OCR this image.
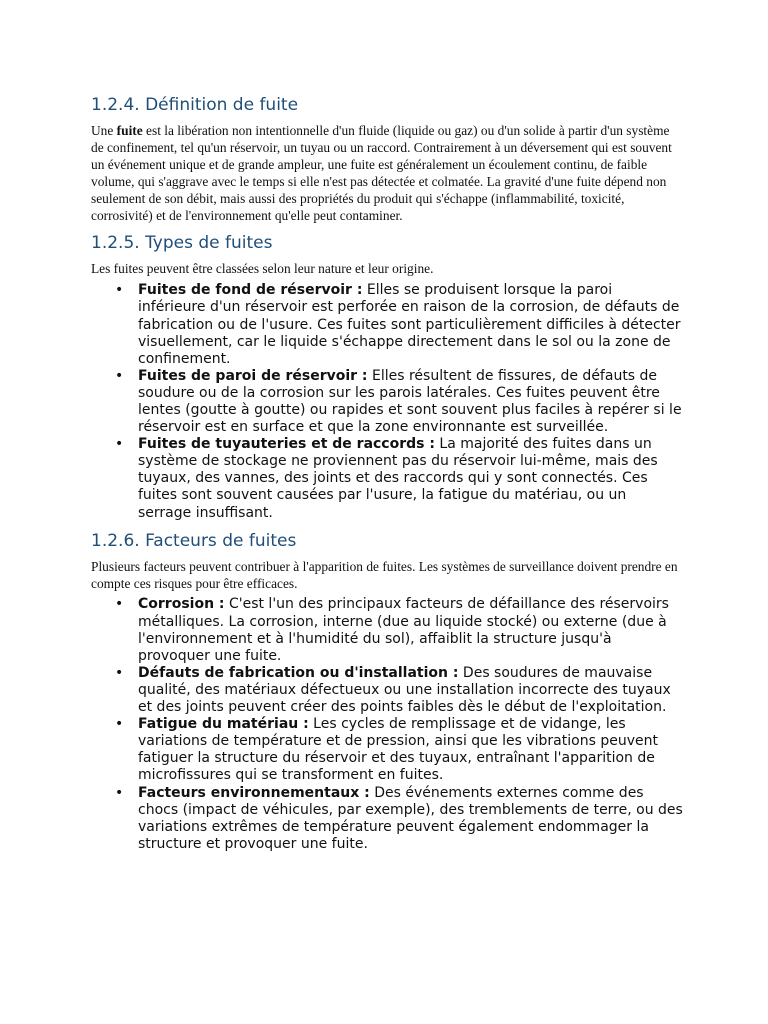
1.2.4. Définition de fuite

Une fuite est la libération non intentionnelle d'un fluide (liquide ou gaz) ou d'un solide à partir d'un système de confinement, tel qu'un réservoir, un tuyau ou un raccord. Contrairement à un déversement qui est souvent un événement unique et de grande ampleur, une fuite est généralement un écoulement continu, de faible volume, qui s'aggrave avec le temps si elle n'est pas détectée et colmatée. La gravité d'une fuite dépend non seulement de son débit, mais aussi des propriétés du produit qui s'échappe (inflammabilité, toxicité, corrosivité) et de l'environnement qu'elle peut contaminer.

1.2.5. Types de fuites

Les fuites peuvent être classées selon leur nature et leur origine.

• Fuites de fond de réservoir : Elles se produisent lorsque la paroi inférieure d'un réservoir est perforée en raison de la corrosion, de défauts de fabrication ou de l'usure. Ces fuites sont particulièrement difficiles à détecter visuellement, car le liquide s'échappe directement dans le sol ou la zone de confinement.
• Fuites de paroi de réservoir : Elles résultent de fissures, de défauts de soudure ou de la corrosion sur les parois latérales. Ces fuites peuvent être lentes (goutte à goutte) ou rapides et sont souvent plus faciles à repérer si le réservoir est en surface et que la zone environnante est surveillée.
• Fuites de tuyauteries et de raccords : La majorité des fuites dans un système de stockage ne proviennent pas du réservoir lui-même, mais des tuyaux, des vannes, des joints et des raccords qui y sont connectés. Ces fuites sont souvent causées par l'usure, la fatigue du matériau, ou un serrage insuffisant.
1.2.6. Facteurs de fuites

Plusieurs facteurs peuvent contribuer à l'apparition de fuites. Les systèmes de surveillance doivent prendre en compte ces risques pour être efficaces.

• Corrosion : C'est l'un des principaux facteurs de défaillance des réservoirs métalliques. La corrosion, interne (due au liquide stocké) ou externe (due à l'environnement et à l'humidité du sol), affaiblit la structure jusqu'à provoquer une fuite.
• Défauts de fabrication ou d'installation : Des soudures de mauvaise qualité, des matériaux défectueux ou une installation incorrecte des tuyaux et des joints peuvent créer des points faibles dès le début de l'exploitation.
• Fatigue du matériau : Les cycles de remplissage et de vidange, les variations de température et de pression, ainsi que les vibrations peuvent fatiguer la structure du réservoir et des tuyaux, entraînant l'apparition de microfissures qui se transforment en fuites.
• Facteurs environnementaux : Des événements externes comme des chocs (impact de véhicules, par exemple), des tremblements de terre, ou des variations extrêmes de température peuvent également endommager la structure et provoquer une fuite.
